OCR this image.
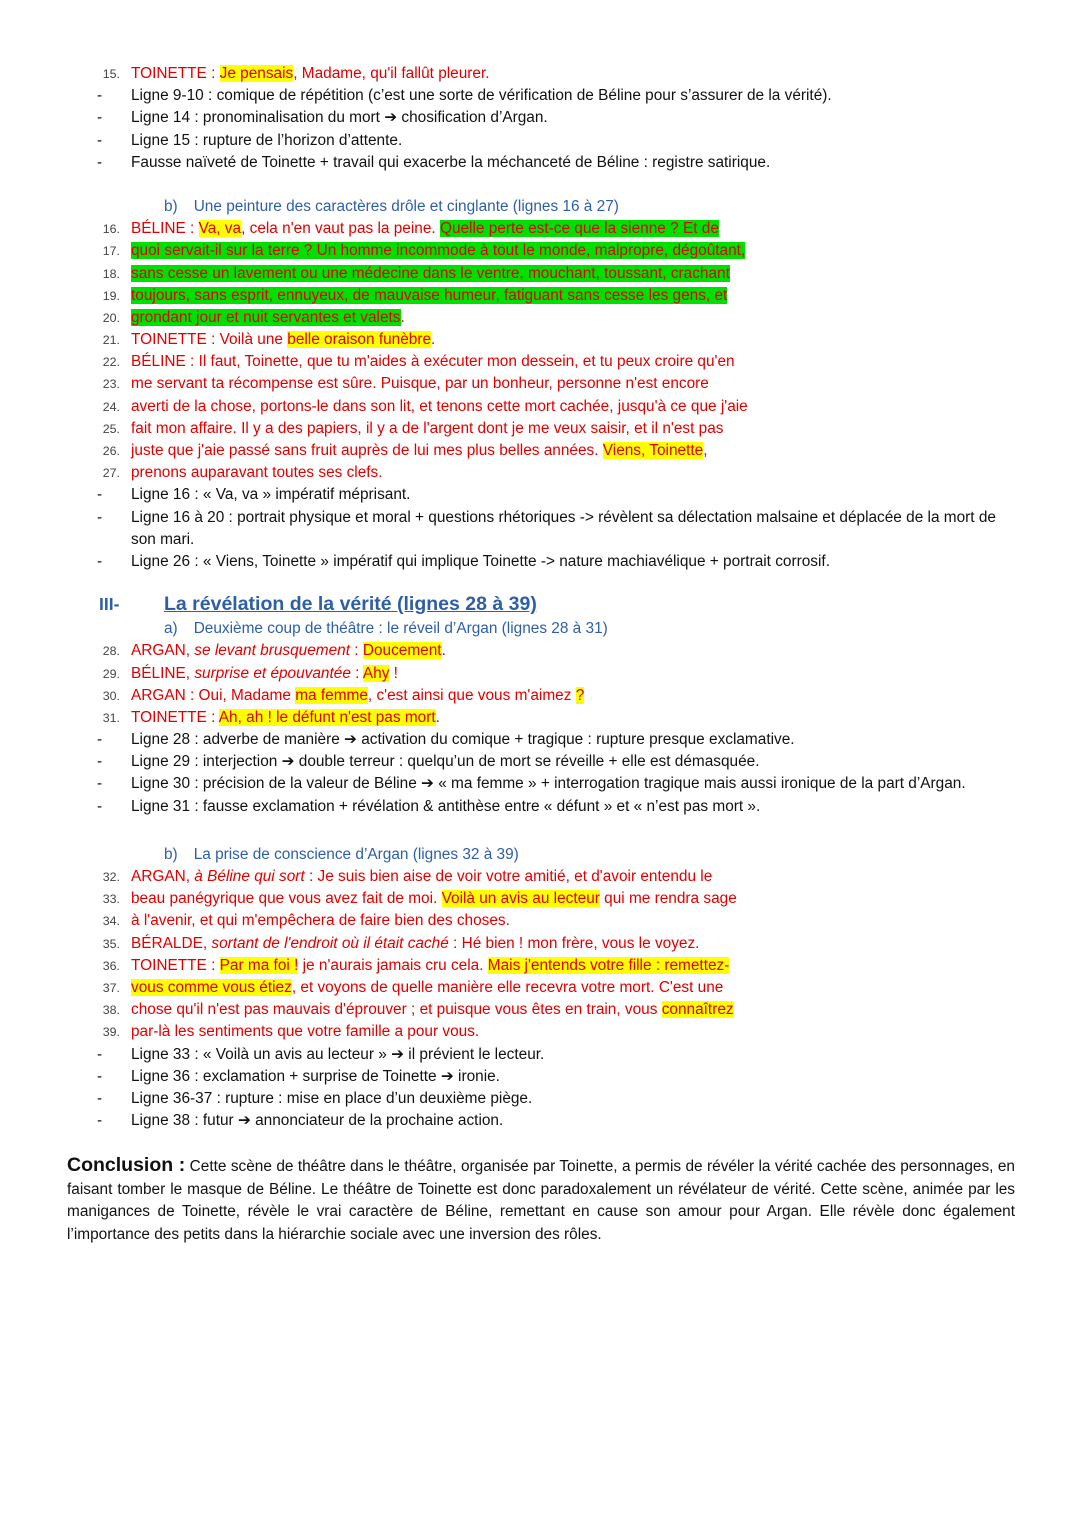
15. TOINETTE : Je pensais, Madame, qu'il fallût pleurer.
-	Ligne 9-10 : comique de répétition (c’est une sorte de vérification de Béline pour s’assurer de la vérité).
-	Ligne 14 : pronominalisation du mort ➔ chosification d’Argan.
-	Ligne 15 : rupture de l’horizon d’attente.
-	Fausse naïveté de Toinette + travail qui exacerbe la méchanceté de Béline : registre satirique.
b) Une peinture des caractères drôle et cinglante (lignes 16 à 27)
16. BÉLINE : Va, va, cela n'en vaut pas la peine. Quelle perte est-ce que la sienne ? Et de
17. quoi servait-il sur la terre ? Un homme incommode à tout le monde, malpropre, dégoûtant,
18. sans cesse un lavement ou une médecine dans le ventre, mouchant, toussant, crachant
19. toujours, sans esprit, ennuyeux, de mauvaise humeur, fatiguant sans cesse les gens, et
20. grondant jour et nuit servantes et valets.
21. TOINETTE : Voilà une belle oraison funèbre.
22. BÉLINE : Il faut, Toinette, que tu m'aides à exécuter mon dessein, et tu peux croire qu'en
23. me servant ta récompense est sûre. Puisque, par un bonheur, personne n'est encore
24. averti de la chose, portons-le dans son lit, et tenons cette mort cachée, jusqu'à ce que j'aie
25. fait mon affaire. Il y a des papiers, il y a de l'argent dont je me veux saisir, et il n'est pas
26. juste que j'aie passé sans fruit auprès de lui mes plus belles années. Viens, Toinette,
27. prenons auparavant toutes ses clefs.
-	Ligne 16 : « Va, va » impératif méprisant.
-	Ligne 16 à 20 : portrait physique et moral + questions rhétoriques -> révèlent sa délectation malsaine et déplacée de la mort de son mari.
-	Ligne 26 : « Viens, Toinette » impératif qui implique Toinette -> nature machiavélique + portrait corrosif.
III- La révélation de la vérité (lignes 28 à 39)
a) Deuxième coup de théâtre : le réveil d’Argan (lignes 28 à 31)
28. ARGAN, se levant brusquement : Doucement.
29. BÉLINE, surprise et épouvantée : Ahy !
30. ARGAN : Oui, Madame ma femme, c'est ainsi que vous m'aimez ?
31. TOINETTE : Ah, ah ! le défunt n'est pas mort.
-	Ligne 28 : adverbe de manière ➔ activation du comique + tragique : rupture presque exclamative.
-	Ligne 29 : interjection ➔ double terreur : quelqu’un de mort se réveille + elle est démasquée.
-	Ligne 30 : précision de la valeur de Béline ➔ « ma femme » + interrogation tragique mais aussi ironique de la part d’Argan.
-	Ligne 31 : fausse exclamation + révélation & antithèse entre « défunt » et « n’est pas mort ».
b) La prise de conscience d’Argan (lignes 32 à 39)
32. ARGAN, à Béline qui sort : Je suis bien aise de voir votre amitié, et d'avoir entendu le
33. beau panégyrique que vous avez fait de moi. Voilà un avis au lecteur qui me rendra sage
34. à l'avenir, et qui m'empêchera de faire bien des choses.
35. BÉRALDE, sortant de l'endroit où il était caché : Hé bien ! mon frère, vous le voyez.
36. TOINETTE : Par ma foi ! je n'aurais jamais cru cela. Mais j'entends votre fille : remettez-
37. vous comme vous étiez, et voyons de quelle manière elle recevra votre mort. C'est une
38. chose qu'il n'est pas mauvais d'éprouver ; et puisque vous êtes en train, vous connaîtrez
39. par-là les sentiments que votre famille a pour vous.
-	Ligne 33 : « Voilà un avis au lecteur » ➔ il prévient le lecteur.
-	Ligne 36 : exclamation + surprise de Toinette ➔ ironie.
-	Ligne 36-37 : rupture : mise en place d’un deuxième piège.
-	Ligne 38 : futur ➔ annonciateur de la prochaine action.
Conclusion : Cette scène de théâtre dans le théâtre, organisée par Toinette, a permis de révéler la vérité cachée des personnages, en faisant tomber le masque de Béline. Le théâtre de Toinette est donc paradoxalement un révélateur de vérité. Cette scène, animée par les manigances de Toinette, révèle le vrai caractère de Béline, remettant en cause son amour pour Argan. Elle révèle donc également l’importance des petits dans la hiérarchie sociale avec une inversion des rôles.
